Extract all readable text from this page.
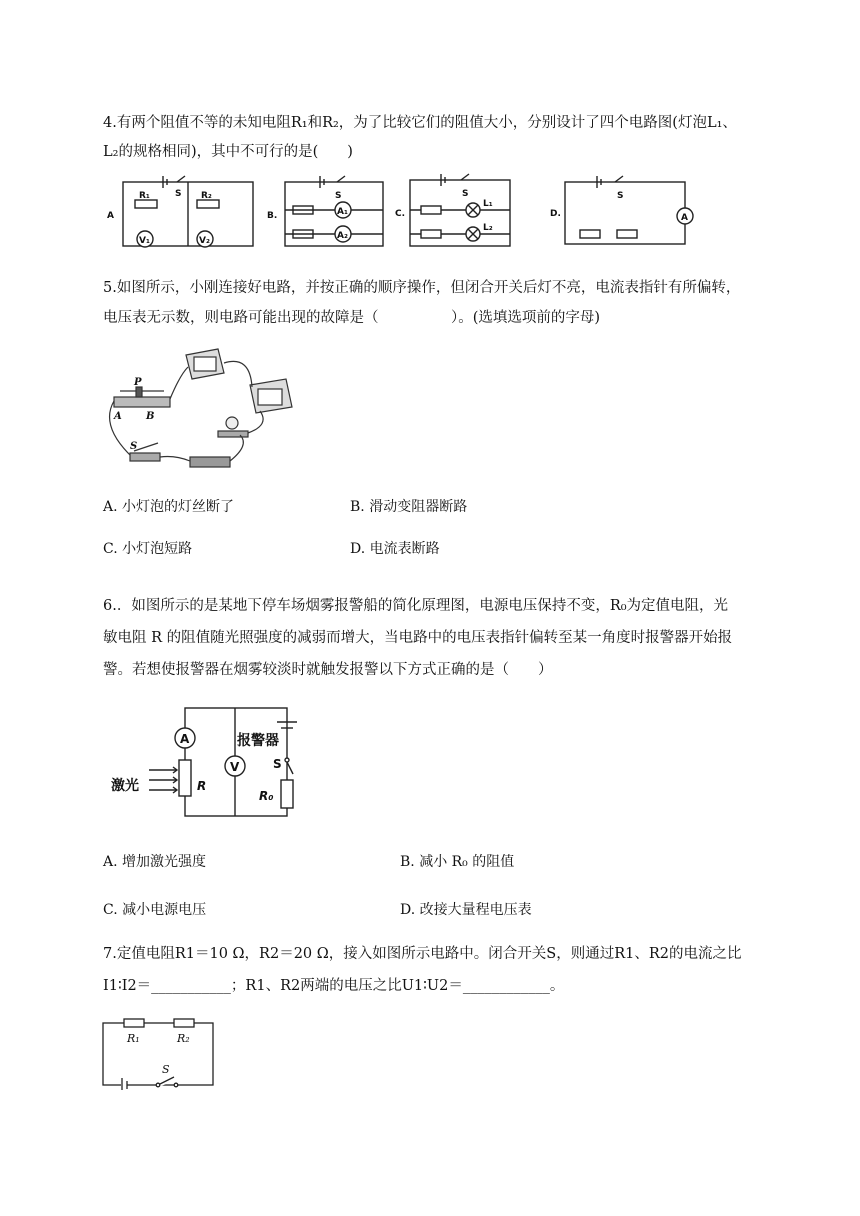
4.有两个阻值不等的未知电阻R₁和R₂，为了比较它们的阻值大小，分别设计了四个电路图(灯泡L₁、
L₂的规格相同)，其中不可行的是(　　)
A
S
R₁	R₂
V₁	V₂
B.
S
A₁
A₂
C.
S
L₁
L₂
D.
S
A
5.如图所示，小刚连接好电路，并按正确的顺序操作，但闭合开关后灯不亮，电流表指针有所偏转，
电压表无示数，则电路可能出现的故障是（　　　　　）。(选填选项前的字母)
P
A B
S
A. 小灯泡的灯丝断了	B. 滑动变阻器断路
C. 小灯泡短路	D. 电流表断路
6.．如图所示的是某地下停车场烟雾报警船的简化原理图，电源电压保持不变，R₀为定值电阻，光
敏电阻 R 的阻值随光照强度的减弱而增大，当电路中的电压表指针偏转至某一角度时报警器开始报
警。若想使报警器在烟雾较淡时就触发报警以下方式正确的是（　　）
A
V
报警器
激光	R
S
R₀
A. 增加激光强度	B. 减小 R₀ 的阻值
C. 减小电源电压	D. 改接大量程电压表
7.定值电阻R1＝10 Ω，R2＝20 Ω，接入如图所示电路中。闭合开关S，则通过R1、R2的电流之比
I1∶I2＝___________；R1、R2两端的电压之比U1∶U2＝____________。
R₁	R₂
S
